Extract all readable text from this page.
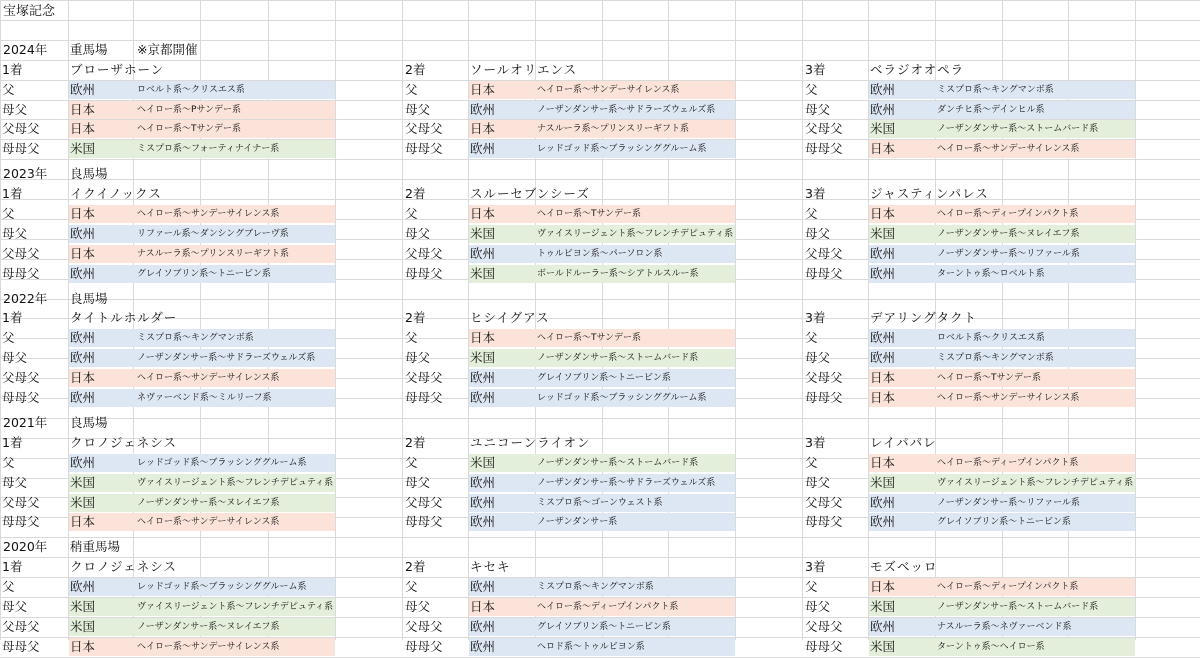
宝塚記念
2024年 重馬場 ※京都開催
1着	ブローザホーン
父	欧州	ロベルト系～クリスエス系
母父	日本	ヘイロー系～Pサンデー系
父母父 日本	ヘイロー系～Tサンデー系
母母父 米国	ミスプロ系～フォーティナイナー系
2着	ソールオリエンス
父	日本	ヘイロー系～サンデーサイレンス系
母父	欧州	ノーザンダンサー系～サドラーズウェルズ系
父母父 日本	ナスルーラ系～プリンスリーギフト系
母母父 欧州	レッドゴッド系～ブラッシンググルーム系
3着	ベラジオオペラ
父	欧州	ミスプロ系～キングマンボ系
母父	欧州	ダンチヒ系～デインヒル系
父母父 米国	ノーザンダンサー系～ストームバード系
母母父 日本	ヘイロー系～サンデーサイレンス系
2023年 良馬場
1着	イクイノックス
父	日本	ヘイロー系～サンデーサイレンス系
母父	欧州	リファール系～ダンシングブレーヴ系
父母父 日本	ナスルーラ系～プリンスリーギフト系
母母父 欧州	グレイソブリン系～トニービン系
2着	スルーセブンシーズ
父	日本	ヘイロー系～Tサンデー系
母父	米国	ヴァイスリージェント系～フレンチデピュティ系
父母父 欧州	トゥルビヨン系～パーソロン系
母母父 米国	ボールドルーラー系～シアトルスルー系
3着	ジャスティンパレス
父	日本	ヘイロー系～ディープインパクト系
母父	米国	ノーザンダンサー系～ヌレイエフ系
父母父 欧州	ノーザンダンサー系～リファール系
母母父 欧州	ターントゥ系～ロベルト系
2022年 良馬場
1着	タイトルホルダー
父	欧州	ミスプロ系～キングマンボ系
母父	欧州	ノーザンダンサー系～サドラーズウェルズ系
父母父 日本	ヘイロー系～サンデーサイレンス系
母母父 欧州	ネヴァーベンド系～ミルリーフ系
2着	ヒシイグアス
父	日本	ヘイロー系～Tサンデー系
母父	米国	ノーザンダンサー系～ストームバード系
父母父 欧州	グレイソブリン系～トニービン系
母母父 欧州	レッドゴッド系～ブラッシンググルーム系
3着	デアリングタクト
父	欧州	ロベルト系～クリスエス系
母父	欧州	ミスプロ系～キングマンボ系
父母父 日本	ヘイロー系～Tサンデー系
母母父 日本	ヘイロー系～サンデーサイレンス系
2021年 良馬場
1着	クロノジェネシス
父	欧州	レッドゴッド系～ブラッシンググルーム系
母父	米国	ヴァイスリージェント系～フレンチデピュティ系
父母父 米国	ノーザンダンサー系～ヌレイエフ系
母母父 日本	ヘイロー系～サンデーサイレンス系
2着	ユニコーンライオン
父	米国	ノーザンダンサー系～ストームバード系
母父	欧州	ノーザンダンサー系～サドラーズウェルズ系
父母父 欧州	ミスプロ系～ゴーンウェスト系
母母父 欧州	ノーザンダンサー系
3着	レイパパレ
父	日本	ヘイロー系～ディープインパクト系
母父	米国	ヴァイスリージェント系～フレンチデピュティ系
父母父 欧州	ノーザンダンサー系～リファール系
母母父 欧州	グレイソブリン系～トニービン系
2020年 稍重馬場
1着	クロノジェネシス
父	欧州	レッドゴッド系～ブラッシンググルーム系
母父	米国	ヴァイスリージェント系～フレンチデピュティ系
父母父 米国	ノーザンダンサー系～ヌレイエフ系
母母父 日本	ヘイロー系～サンデーサイレンス系
2着	キセキ
父	欧州	ミスプロ系～キングマンボ系
母父	日本	ヘイロー系～ディープインパクト系
父母父 欧州	グレイソブリン系～トニービン系
母母父 欧州	ヘロド系～トゥルビヨン系
3着	モズベッロ
父	日本	ヘイロー系～ディープインパクト系
母父	米国	ノーザンダンサー系～ストームバード系
父母父 欧州	ナスルーラ系～ネヴァーベンド系
母母父 米国	ターントゥ系～ヘイロー系
